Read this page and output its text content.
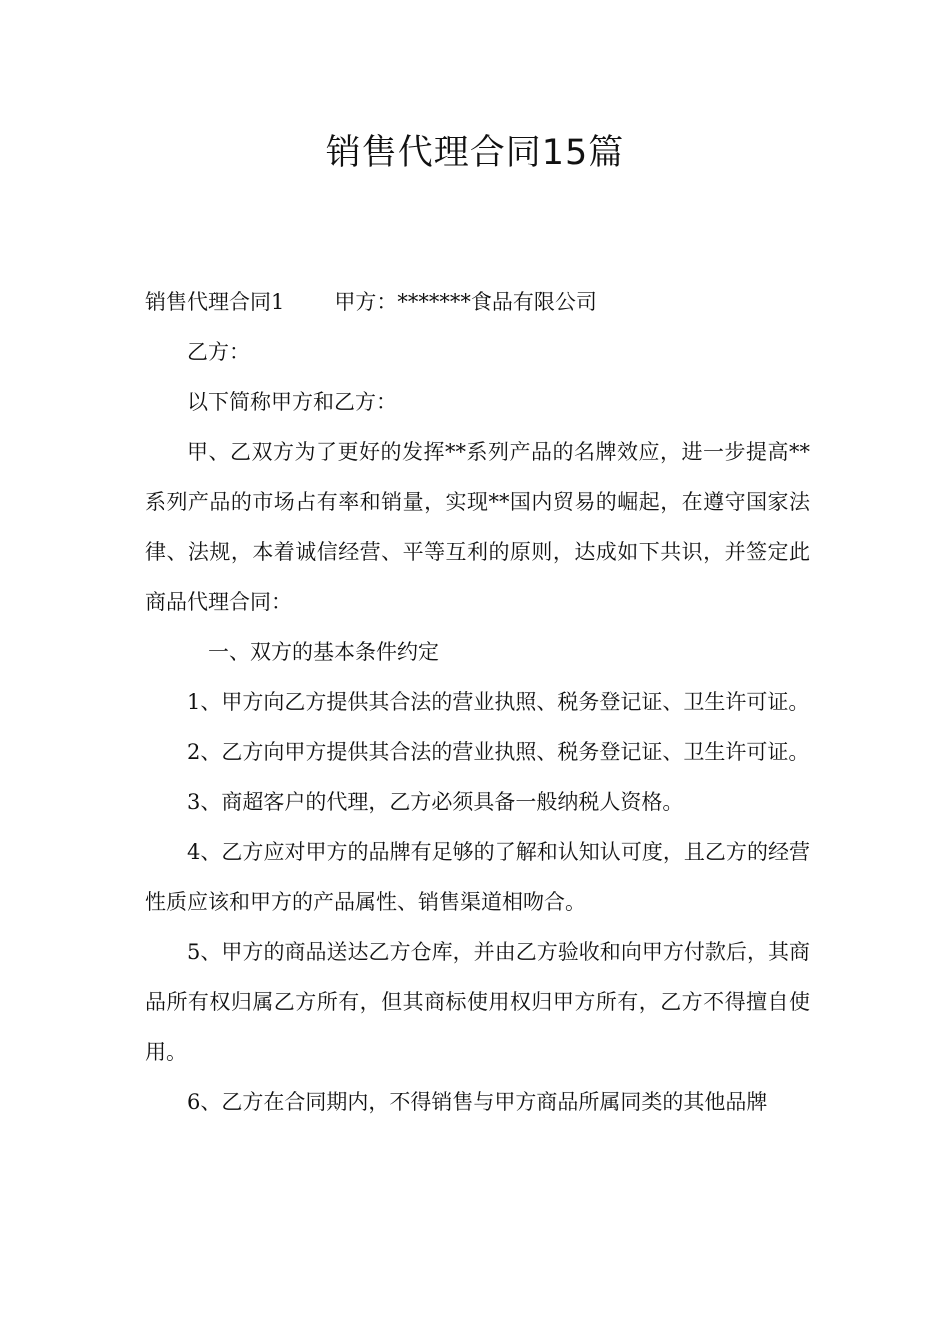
销售代理合同15篇

销售代理合同1 甲方：*******食品有限公司

乙方：

以下简称甲方和乙方：

甲、乙双方为了更好的发挥**系列产品的名牌效应，进一步提高**系列产品的市场占有率和销量，实现**国内贸易的崛起，在遵守国家法律、法规，本着诚信经营、平等互利的原则，达成如下共识，并签定此商品代理合同：

一、双方的基本条件约定

1、甲方向乙方提供其合法的营业执照、税务登记证、卫生许可证。

2、乙方向甲方提供其合法的营业执照、税务登记证、卫生许可证。

3、商超客户的代理，乙方必须具备一般纳税人资格。

4、乙方应对甲方的品牌有足够的了解和认知认可度，且乙方的经营性质应该和甲方的产品属性、销售渠道相吻合。

5、甲方的商品送达乙方仓库，并由乙方验收和向甲方付款后，其商品所有权归属乙方所有，但其商标使用权归甲方所有，乙方不得擅自使用。

6、乙方在合同期内，不得销售与甲方商品所属同类的其他品牌
